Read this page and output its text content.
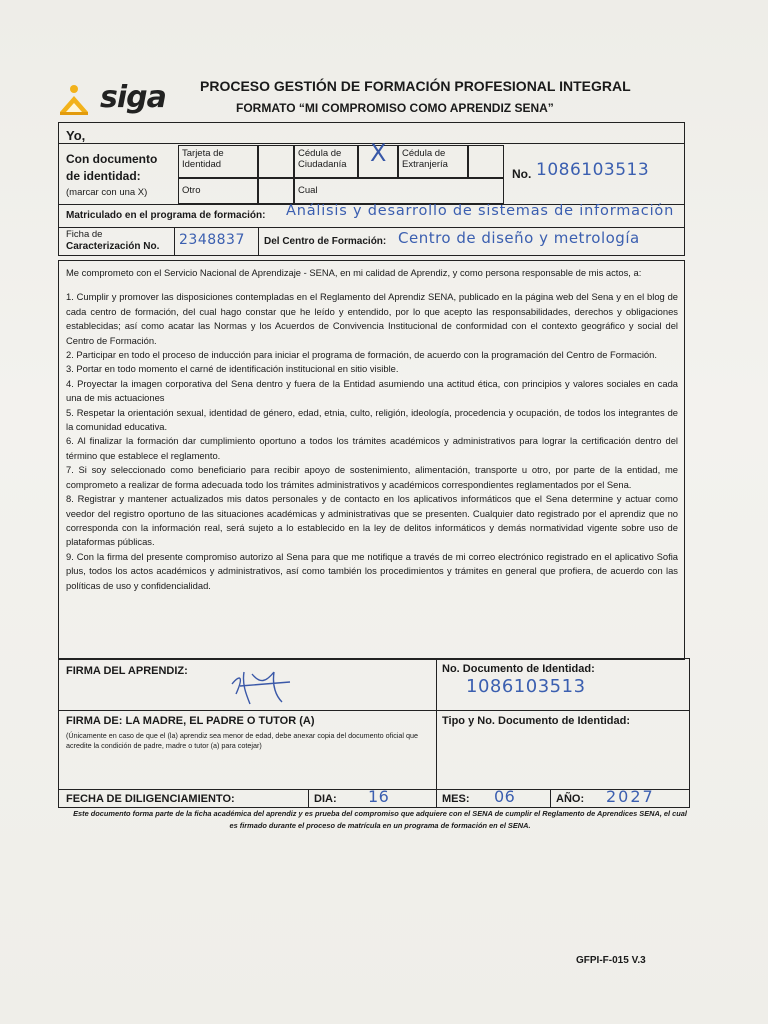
siga PROCESO GESTIÓN DE FORMACIÓN PROFESIONAL INTEGRAL
FORMATO “MI COMPROMISO COMO APRENDIZ SENA”
Yo,
Con documento
de identidad:
(marcar con una X)
Tarjeta de Identidad
Cédula de Ciudadanía X	Cédula de Extranjería
Otro	Cual
No. 1086103513
Matriculado en el programa de formación: Análisis y desarrollo de sistemas de información
Ficha de
Caracterización No. 2348837 Del Centro de Formación: Centro de diseño y metrología

Me comprometo con el Servicio Nacional de Aprendizaje - SENA, en mi calidad de Aprendiz, y como persona responsable de mis actos, a:

1. Cumplir y promover las disposiciones contempladas en el Reglamento del Aprendiz SENA, publicado en la página web del Sena y en el blog de cada centro de formación, del cual hago constar que he leído y entendido, por lo que acepto las responsabilidades, derechos y obligaciones establecidas; así como acatar las Normas y los Acuerdos de Convivencia Institucional de conformidad con el contexto geográfico y social del Centro de Formación.

2. Participar en todo el proceso de inducción para iniciar el programa de formación, de acuerdo con la programación del Centro de Formación.

3. Portar en todo momento el carné de identificación institucional en sitio visible.

4. Proyectar la imagen corporativa del Sena dentro y fuera de la Entidad asumiendo una actitud ética, con principios y valores sociales en cada una de mis actuaciones

5. Respetar la orientación sexual, identidad de género, edad, etnia, culto, religión, ideología, procedencia y ocupación, de todos los integrantes de la comunidad educativa.

6. Al finalizar la formación dar cumplimiento oportuno a todos los trámites académicos y administrativos para lograr la certificación dentro del término que establece el reglamento.

7. Si soy seleccionado como beneficiario para recibir apoyo de sostenimiento, alimentación, transporte u otro, por parte de la entidad, me comprometo a realizar de forma adecuada todo los trámites administrativos y académicos correspondientes reglamentados por el Sena.

8. Registrar y mantener actualizados mis datos personales y de contacto en los aplicativos informáticos que el Sena determine y actuar como veedor del registro oportuno de las situaciones académicas y administrativas que se presenten. Cualquier dato registrado por el aprendiz que no corresponda con la información real, será sujeto a lo establecido en la ley de delitos informáticos y demás normatividad vigente sobre uso de plataformas públicas.

9. Con la firma del presente compromiso autorizo al Sena para que me notifique a través de mi correo electrónico registrado en el aplicativo Sofia plus, todos los actos académicos y administrativos, así como también los procedimientos y trámites en general que profiera, de acuerdo con las políticas de uso y confidencialidad.

FIRMA DEL APRENDIZ:	No. Documento de Identidad:
1086103513
FIRMA DE: LA MADRE, EL PADRE O TUTOR (A)
(Únicamente en caso de que el (la) aprendiz sea menor de edad, debe anexar copia del documento oficial que acredite la condición de padre, madre o tutor (a) para cotejar)
Tipo y No. Documento de Identidad:
FECHA DE DILIGENCIAMIENTO:	DIA: 16	MES: 06	AÑO: 2027
Este documento forma parte de la ficha académica del aprendiz y es prueba del compromiso que adquiere con el SENA de cumplir el Reglamento de Aprendices SENA, el cual es firmado durante el proceso de matrícula en un programa de formación en el SENA.
GFPI-F-015 V.3
